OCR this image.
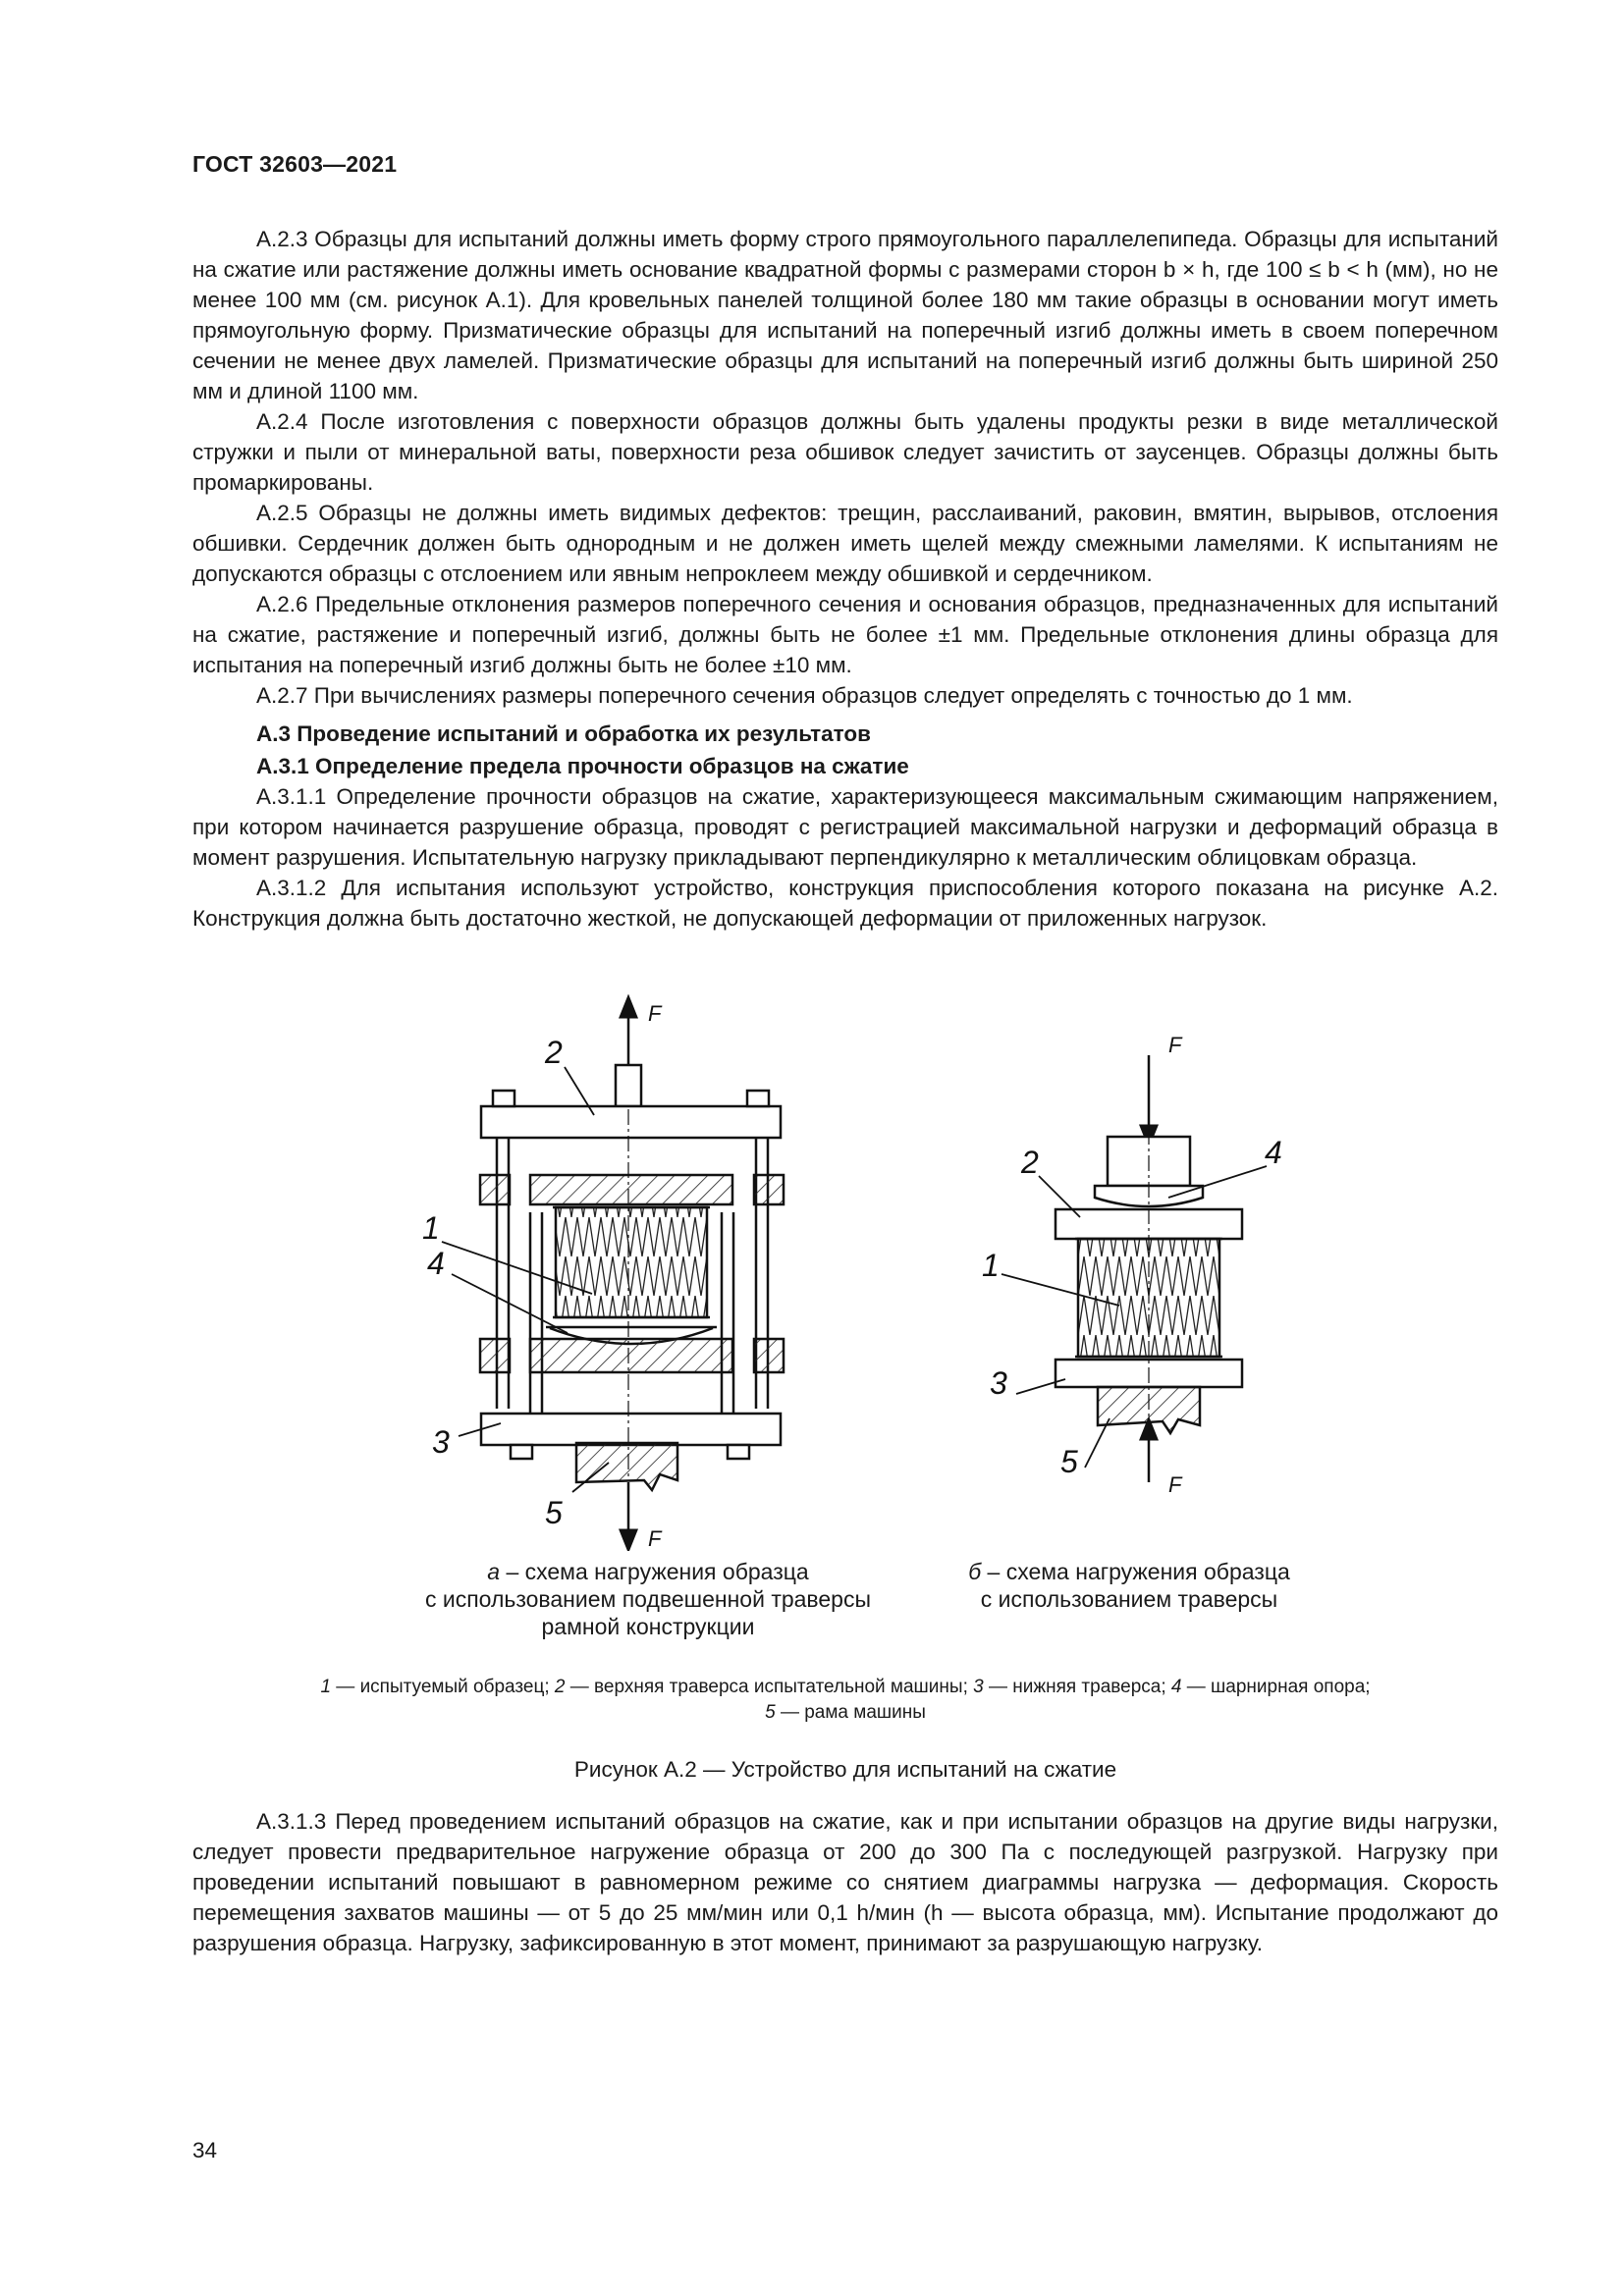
ГОСТ 32603—2021

А.2.3 Образцы для испытаний должны иметь форму строго прямоугольного параллелепипеда. Образцы для испытаний на сжатие или растяжение должны иметь основание квадратной формы с размерами сторон b × h, где 100 ≤ b < h (мм), но не менее 100 мм (см. рисунок А.1). Для кровельных панелей толщиной более 180 мм такие образцы в основании могут иметь прямоугольную форму. Призматические образцы для испытаний на поперечный изгиб должны иметь в своем поперечном сечении не менее двух ламелей. Призматические образцы для испытаний на поперечный изгиб должны быть шириной 250 мм и длиной 1100 мм.

А.2.4 После изготовления с поверхности образцов должны быть удалены продукты резки в виде металлической стружки и пыли от минеральной ваты, поверхности реза обшивок следует зачистить от заусенцев. Образцы должны быть промаркированы.

А.2.5 Образцы не должны иметь видимых дефектов: трещин, расслаиваний, раковин, вмятин, вырывов, отслоения обшивки. Сердечник должен быть однородным и не должен иметь щелей между смежными ламелями. К испытаниям не допускаются образцы с отслоением или явным непроклеем между обшивкой и сердечником.

А.2.6 Предельные отклонения размеров поперечного сечения и основания образцов, предназначенных для испытаний на сжатие, растяжение и поперечный изгиб, должны быть не более ±1 мм. Предельные отклонения длины образца для испытания на поперечный изгиб должны быть не более ±10 мм.

А.2.7 При вычислениях размеры поперечного сечения образцов следует определять с точностью до 1 мм.

А.3 Проведение испытаний и обработка их результатов

А.3.1 Определение предела прочности образцов на сжатие

А.3.1.1 Определение прочности образцов на сжатие, характеризующееся максимальным сжимающим напряжением, при котором начинается разрушение образца, проводят с регистрацией максимальной нагрузки и деформаций образца в момент разрушения. Испытательную нагрузку прикладывают перпендикулярно к металлическим облицовкам образца.

А.3.1.2 Для испытания используют устройство, конструкция приспособления которого показана на рисунке А.2. Конструкция должна быть достаточно жесткой, не допускающей деформации от приложенных нагрузок.

2
1
4
3
5
F
F
2	4
1
3
5
F
F
а – схема нагружения образца
с использованием подвешенной траверсы
рамной конструкции
б – схема нагружения образца
с использованием траверсы
1 — испытуемый образец; 2 — верхняя траверса испытательной машины; 3 — нижняя траверса; 4 — шарнирная опора;
5 — рама машины
Рисунок А.2 — Устройство для испытаний на сжатие

А.3.1.3 Перед проведением испытаний образцов на сжатие, как и при испытании образцов на другие виды нагрузки, следует провести предварительное нагружение образца от 200 до 300 Па с последующей разгрузкой. Нагрузку при проведении испытаний повышают в равномерном режиме со снятием диаграммы нагрузка — деформация. Скорость перемещения захватов машины — от 5 до 25 мм/мин или 0,1 h/мин (h — высота образца, мм). Испытание продолжают до разрушения образца. Нагрузку, зафиксированную в этот момент, принимают за разрушающую нагрузку.

34
